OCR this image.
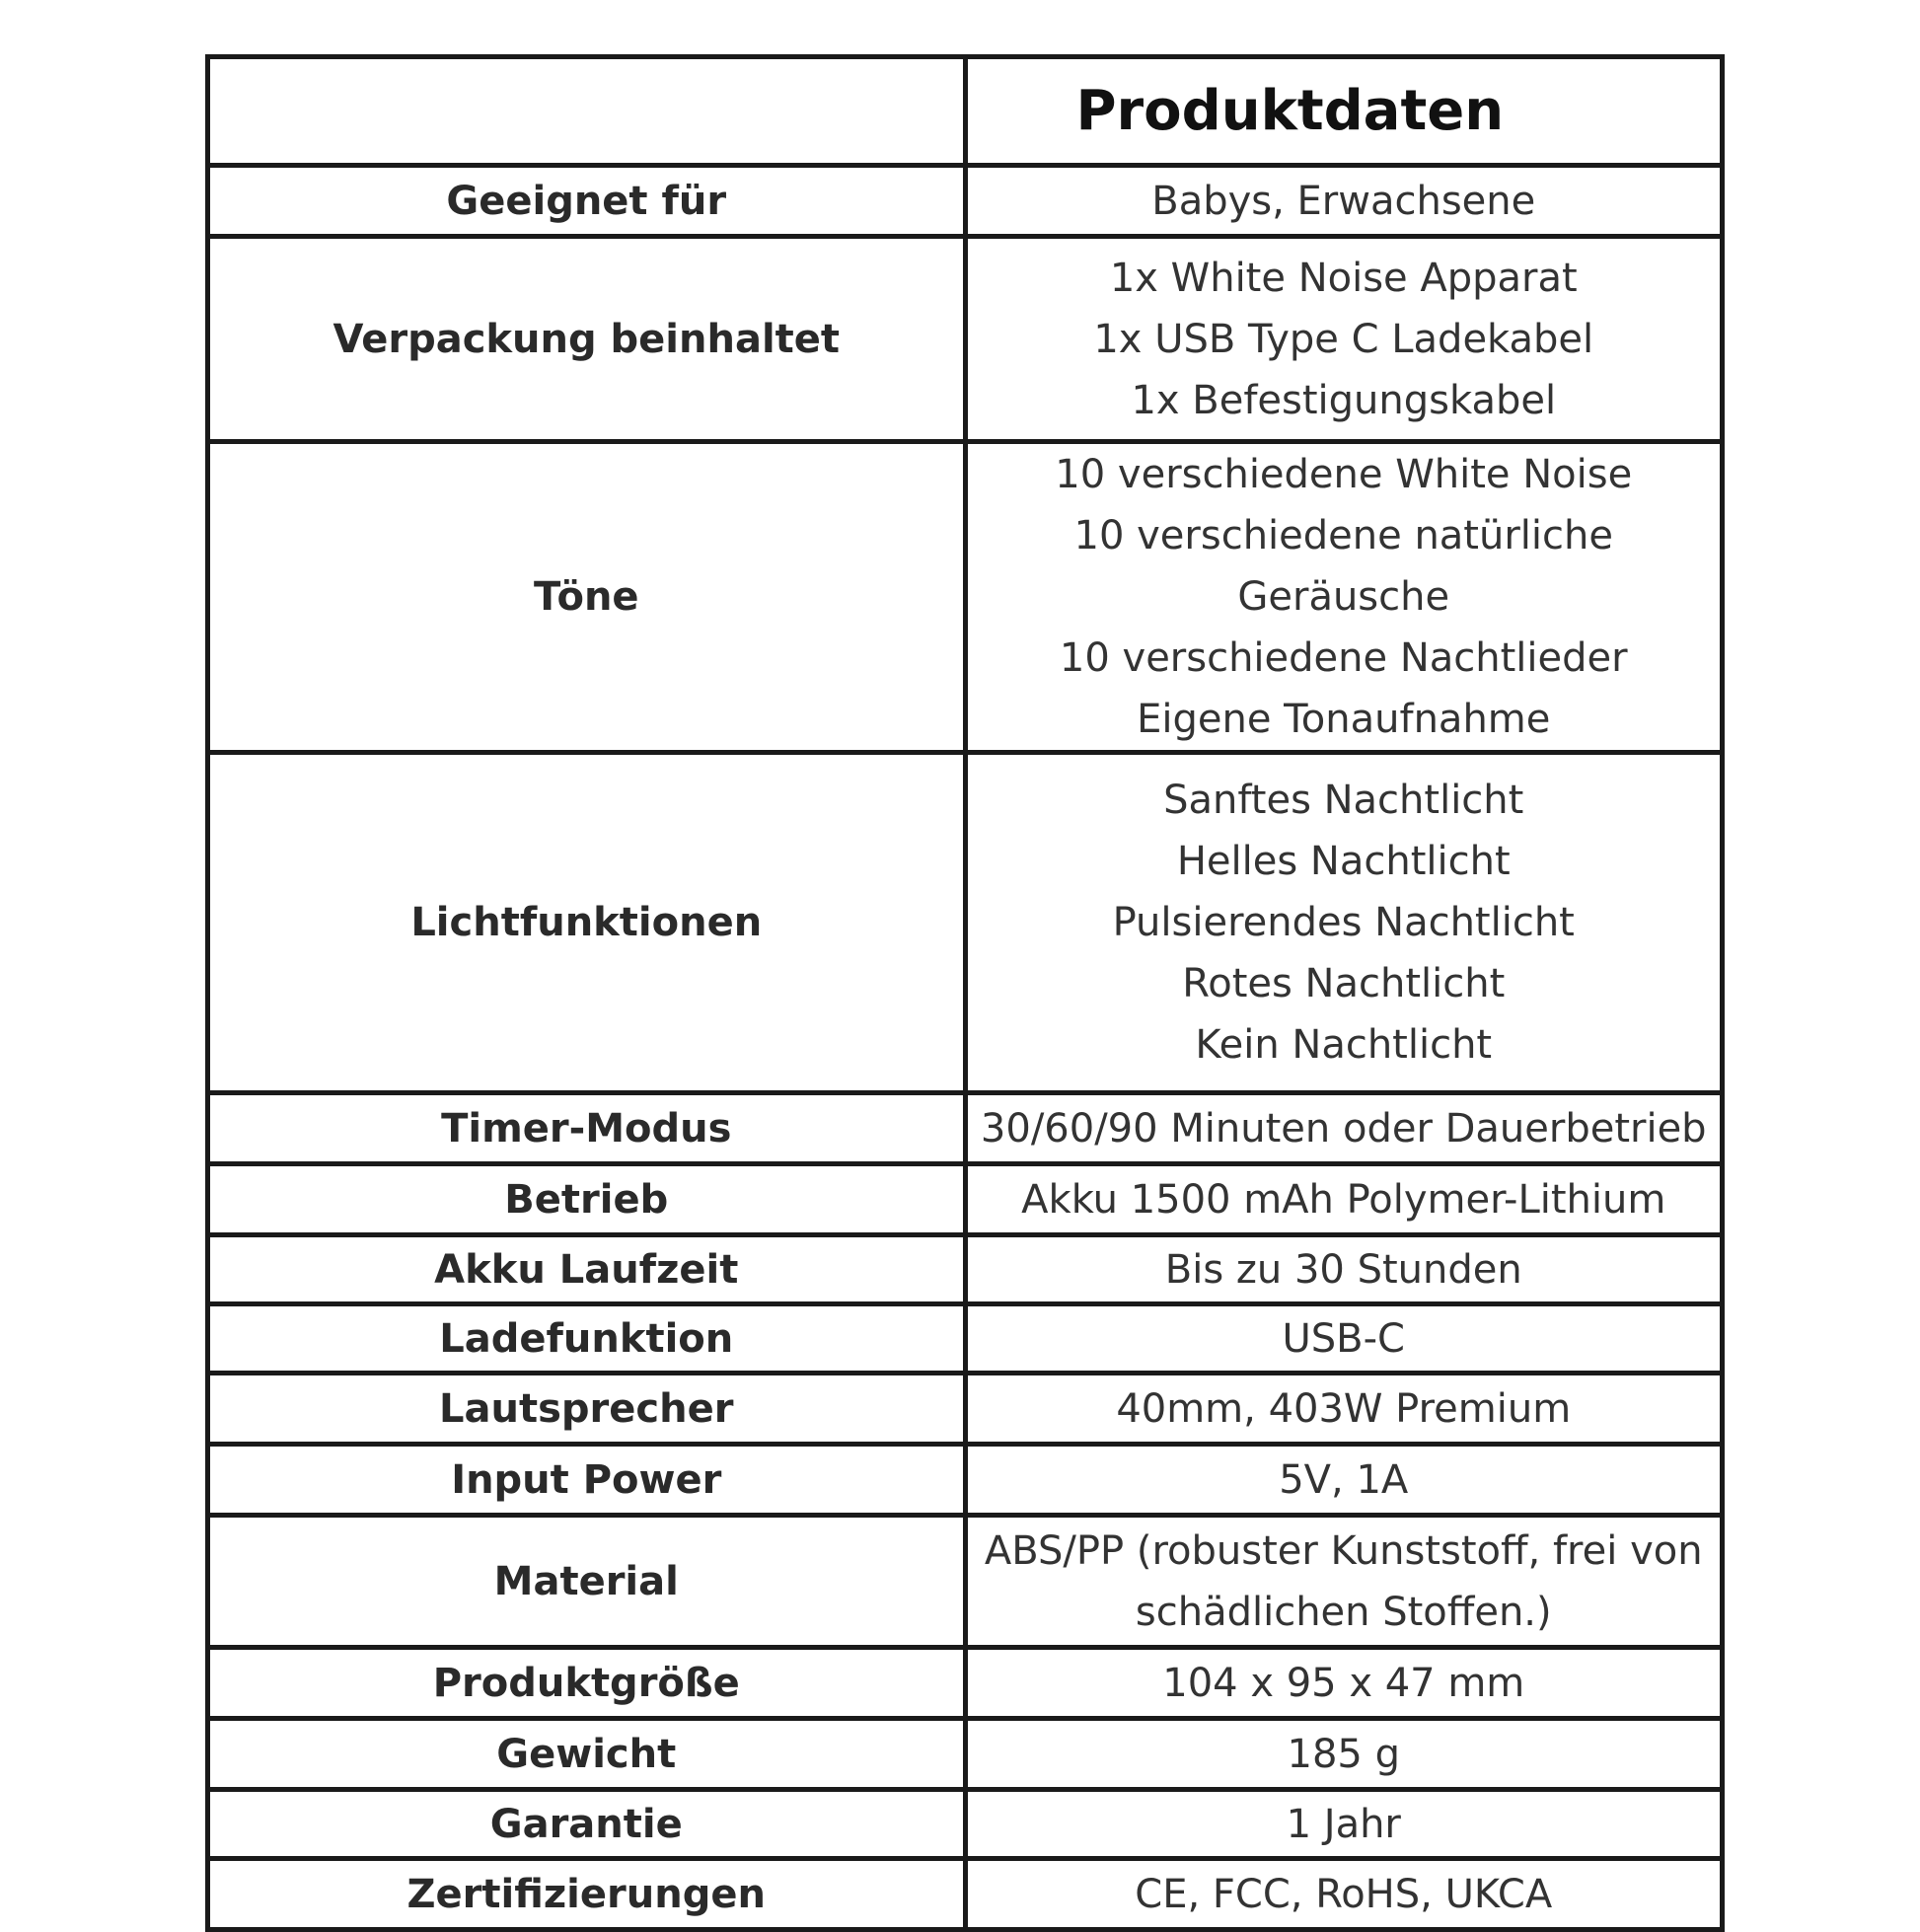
	Produktdaten
Geeignet für	Babys, Erwachsene

Verpackung beinhaltet	1x White Noise Apparat
1x USB Type C Ladekabel
1x Befestigungskabel

Töne	10 verschiedene White Noise
10 verschiedene natürliche Geräusche
10 verschiedene Nachtlieder
Eigene Tonaufnahme

Lichtfunktionen	Sanftes Nachtlicht
Helles Nachtlicht
Pulsierendes Nachtlicht
Rotes Nachtlicht
Kein Nachtlicht

Timer-Modus	30/60/90 Minuten oder Dauerbetrieb

Betrieb	Akku 1500 mAh Polymer-Lithium

Akku Laufzeit	Bis zu 30 Stunden

Ladefunktion	USB-C

Lautsprecher	40mm, 403W Premium

Input Power	5V, 1A

Material	ABS/PP (robuster Kunststoff, frei von
schädlichen Stoffen.)

Produktgröße	104 x 95 x 47 mm

Gewicht	185 g

Garantie	1 Jahr

Zertifizierungen	CE, FCC, RoHS, UKCA
